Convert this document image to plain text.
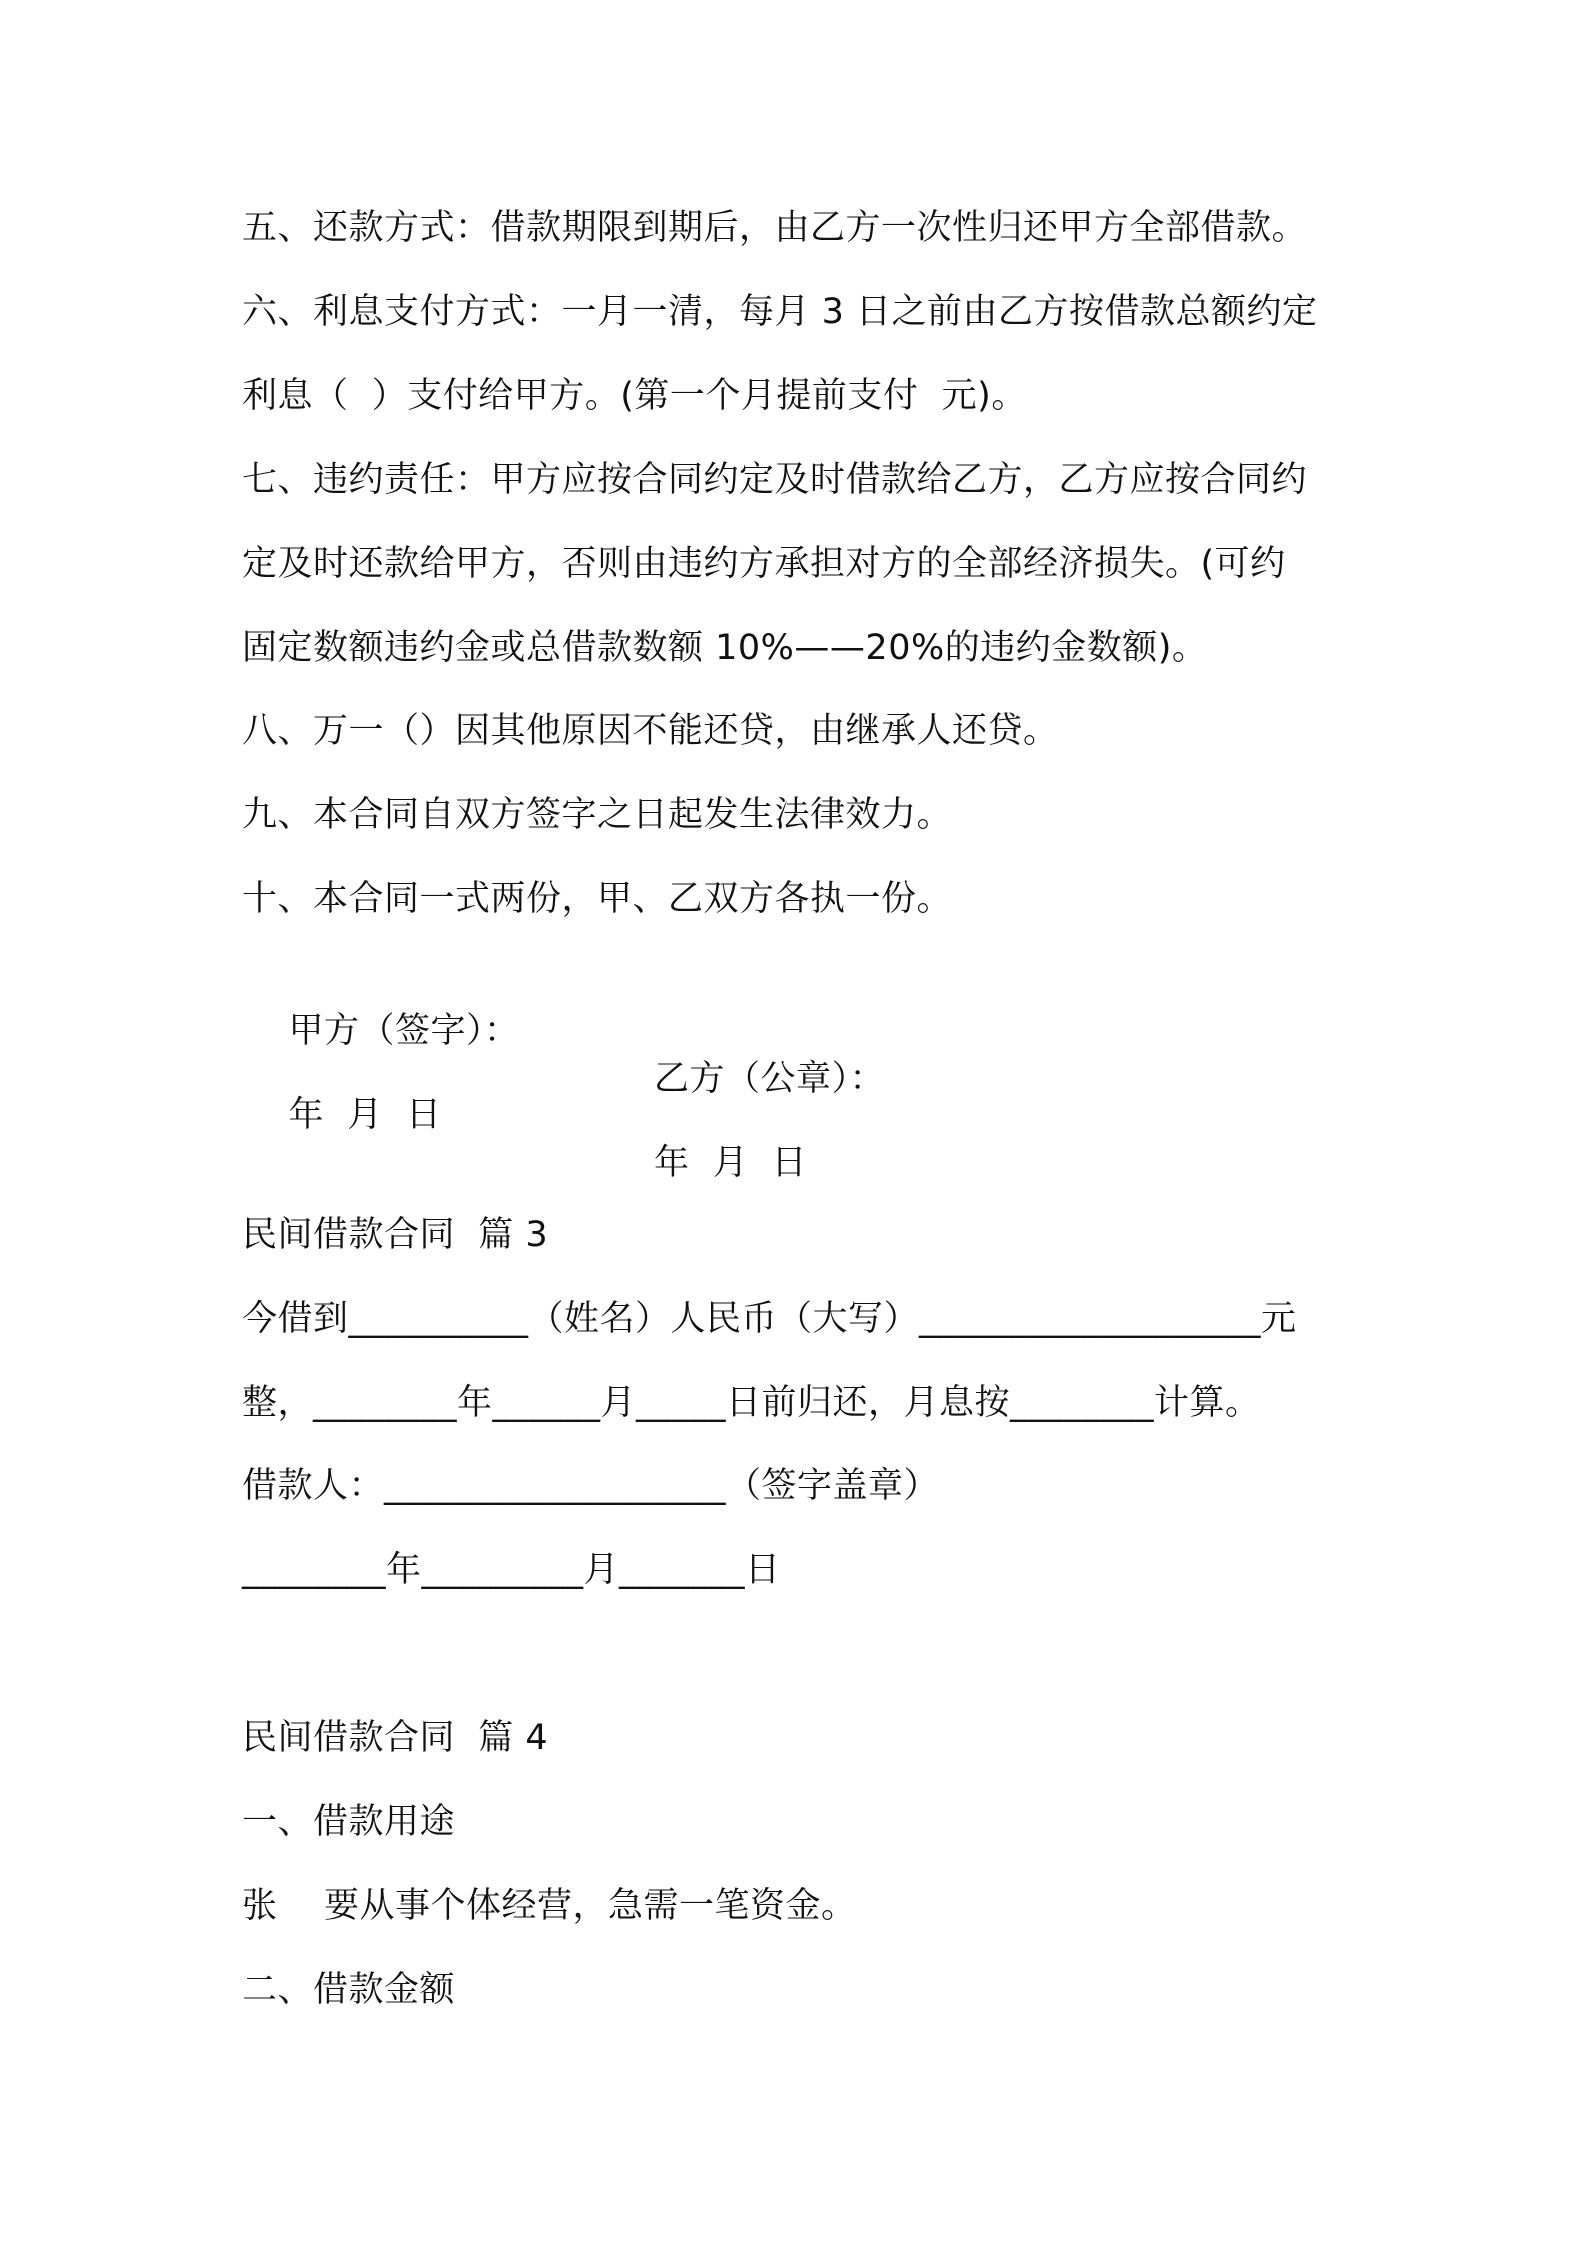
五、还款方式：借款期限到期后，由乙方一次性归还甲方全部借款。
六、利息支付方式：一月一清，每月 3 日之前由乙方按借款总额约定
利息（  ）支付给甲方。(第一个月提前支付  元)。
七、违约责任：甲方应按合同约定及时借款给乙方，乙方应按合同约
定及时还款给甲方，否则由违约方承担对方的全部经济损失。(可约
固定数额违约金或总借款数额 10%——20%的违约金数额)。
八、万一（）因其他原因不能还贷，由继承人还贷。
九、本合同自双方签字之日起发生法律效力。
十、本合同一式两份，甲、乙双方各执一份。

甲方（签字）：

乙方（公章）：

年  月  日

年  月  日

民间借款合同  篇 3
今借到__________（姓名）人民币（大写）___________________元
整，________年______月_____日前归还，月息按________计算。
借款人：___________________（签字盖章）
________年_________月_______日
民间借款合同  篇 4
一、借款用途
张    要从事个体经营，急需一笔资金。
二、借款金额
